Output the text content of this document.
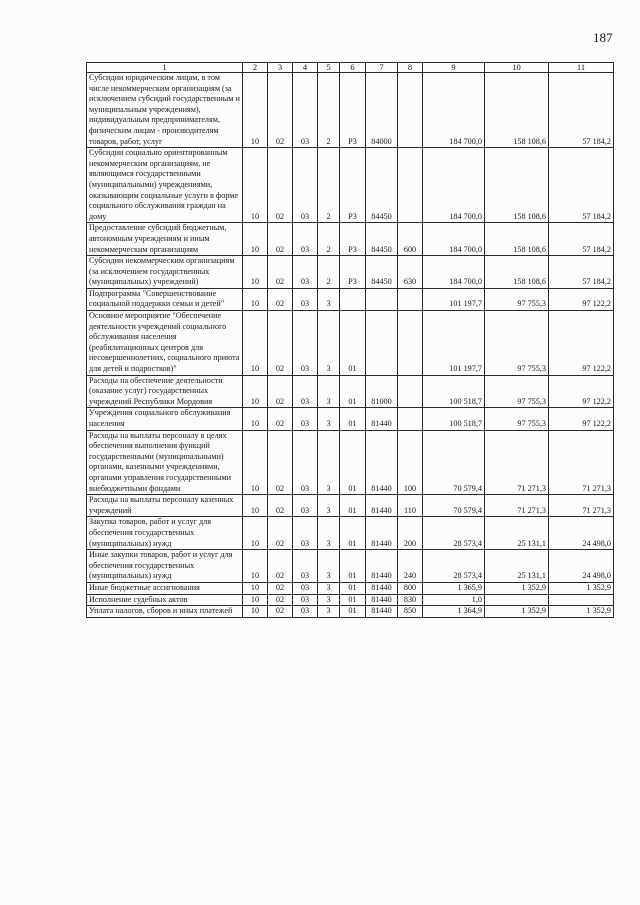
187
1	2	3	4	5	6	7	8	9	10	11
Субсидии юридическим лицам, в том числе некоммерческим организациям (за исключением субсидий государственным и муниципальным учреждениям), индивидуальным предпринимателям, физическим лицам - производителям товаров, работ, услуг	10	02	03	2	P3	84000		184 700,0	158 108,6	57 184,2
Субсидии социально ориентированным некоммерческим организациям, не являющимся государственными (муниципальными) учреждениями, оказывающим социальные услуги в форме социального обслуживания граждан на дому	10	02	03	2	P3	84450		184 700,0	158 108,6	57 184,2
Предоставление субсидий бюджетным, автономным учреждениям и иным некоммерческим организациям	10	02	03	2	P3	84450	600	184 700,0	158 108,6	57 184,2
Субсидии некоммерческим организациям (за исключением государственных (муниципальных) учреждений)	10	02	03	2	P3	84450	630	184 700,0	158 108,6	57 184,2
Подпрограмма "Совершенствование социальной поддержки семьи и детей"	10	02	03	3				101 197,7	97 755,3	97 122,2
Основное мероприятие "Обеспечение деятельности учреждений социального обслуживания населения (реабилитационных центров для несовершеннолетних, социального приюта для детей и подростков)"	10	02	03	3	01			101 197,7	97 755,3	97 122,2
Расходы на обеспечение деятельности (оказание услуг) государственных учреждений Республики Мордовия	10	02	03	3	01	81000		100 518,7	97 755,3	97 122,2
Учреждения социального обслуживания населения	10	02	03	3	01	81440		100 518,7	97 755,3	97 122,2
Расходы на выплаты персоналу в целях обеспечения выполнения функций государственными (муниципальными) органами, казенными учреждениями, органами управления государственными внебюджетными фондами	10	02	03	3	01	81440	100	70 579,4	71 271,3	71 271,3
Расходы на выплаты персоналу казенных учреждений	10	02	03	3	01	81440	110	70 579,4	71 271,3	71 271,3
Закупка товаров, работ и услуг для обеспечения государственных (муниципальных) нужд	10	02	03	3	01	81440	200	28 573,4	25 131,1	24 498,0
Иные закупки товаров, работ и услуг для обеспечения государственных (муниципальных) нужд	10	02	03	3	01	81440	240	28 573,4	25 131,1	24 498,0
Иные бюджетные ассигнования	10	02	03	3	01	81440	800	1 365,9	1 352,9	1 352,9
Исполнение судебных актов	10	02	03	3	01	81440	830	1,0		
Уплата налогов, сборов и иных платежей	10	02	03	3	01	81440	850	1 364,9	1 352,9	1 352,9
